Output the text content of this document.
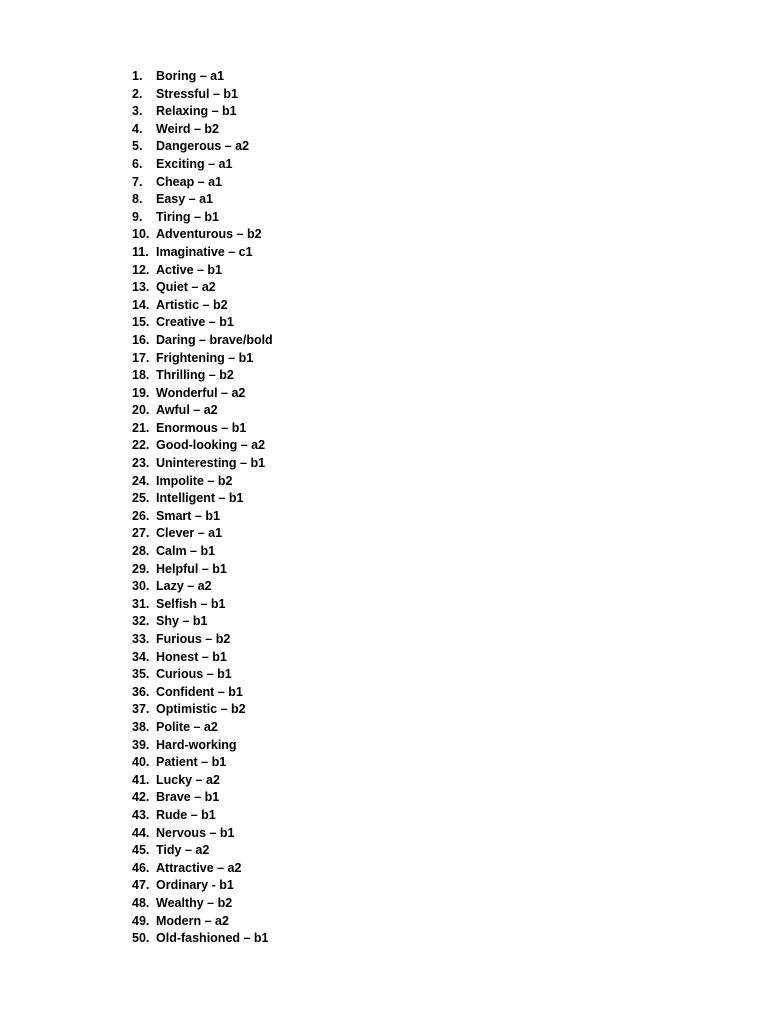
1.	Boring – a1
2.	Stressful – b1
3.	Relaxing – b1
4.	Weird – b2
5.	Dangerous – a2
6.	Exciting – a1
7.	Cheap – a1
8.	Easy – a1
9.	Tiring – b1
10. Adventurous – b2
11. Imaginative – c1
12. Active – b1
13. Quiet – a2
14. Artistic – b2
15. Creative – b1
16. Daring – brave/bold
17. Frightening – b1
18. Thrilling – b2
19. Wonderful – a2
20. Awful – a2
21. Enormous – b1
22. Good-looking – a2
23. Uninteresting – b1
24. Impolite – b2
25. Intelligent – b1
26. Smart – b1
27. Clever – a1
28. Calm – b1
29. Helpful – b1
30. Lazy – a2
31. Selfish – b1
32. Shy – b1
33. Furious – b2
34. Honest – b1
35. Curious – b1
36. Confident – b1
37. Optimistic – b2
38. Polite – a2
39. Hard-working
40. Patient – b1
41. Lucky – a2
42. Brave – b1
43. Rude – b1
44. Nervous – b1
45. Tidy – a2
46. Attractive – a2
47. Ordinary - b1
48. Wealthy – b2
49. Modern – a2
50. Old-fashioned – b1
